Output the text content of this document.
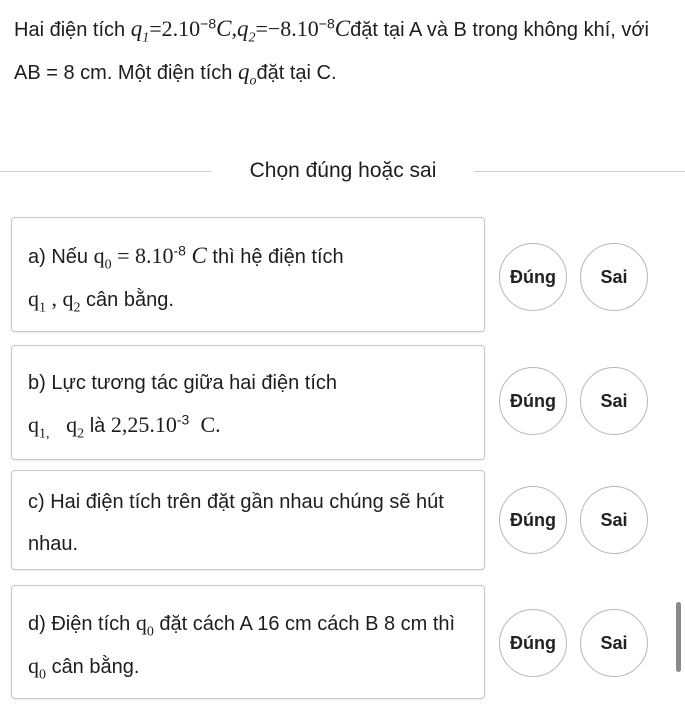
Hai điện tích $q_1=2.10^{-8}C,q_2=-8.10^{-8}Cđặt$ tại A và B trong không khí, với AB = 8 cm. Một điện tích $q_ođặt$ tại C.
Chọn đúng hoặc sai
a) Nếu $q_0 = 8.10^{-8}$ C thì hệ điện tích
$q_1$ , $q_2$ cân bằng.
Đúng	Sai
b) Lực tương tác giữa hai điện tích
$q_{1,}$ $q_2$ là $2,25.10^{-3}$ C.
Đúng	Sai
c) Hai điện tích trên đặt gần nhau chúng sẽ hút nhau.
Đúng	Sai
d) Điện tích $q_0$ đặt cách A 16 cm cách B 8 cm thì $q_0$ cân bằng.
Đúng	Sai
